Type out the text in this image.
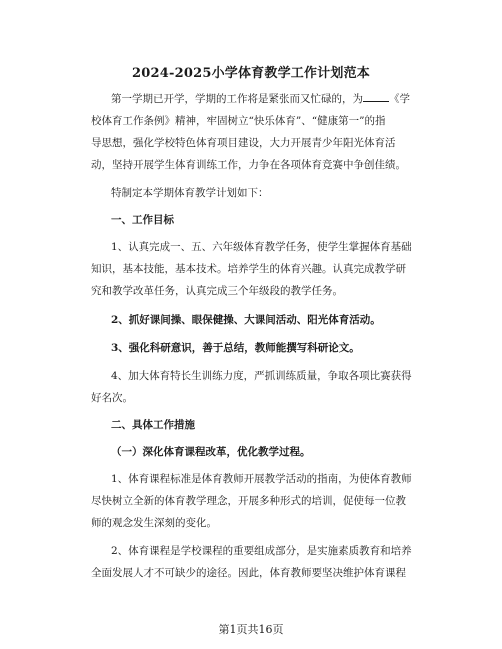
2024-2025小学体育教学工作计划范本
第一学期已开学，学期的工作将是紧张而又忙碌的，为 《学
校体育工作条例》精神，牢固树立“快乐体育”、“健康第一”的指
导思想，强化学校特色体育项目建设，大力开展青少年阳光体育活
动，坚持开展学生体育训练工作，力争在各项体育竞赛中争创佳绩。
特制定本学期体育教学计划如下：
一、工作目标
1、认真完成一、五、六年级体育教学任务，使学生掌握体育基础
知识，基本技能，基本技术。培养学生的体育兴趣。认真完成教学研
究和教学改革任务，认真完成三个年级段的教学任务。
2、抓好课间操、眼保健操、大课间活动、阳光体育活动。
3、强化科研意识，善于总结，教师能撰写科研论文。
4、加大体育特长生训练力度，严抓训练质量，争取各项比赛获得
好名次。
二、具体工作措施
（一）深化体育课程改革，优化教学过程。
1、体育课程标准是体育教师开展教学活动的指南，为使体育教师
尽快树立全新的体育教学理念，开展多种形式的培训，促使每一位教
师的观念发生深刻的变化。
2、体育课程是学校课程的重要组成部分，是实施素质教育和培养
全面发展人才不可缺少的途径。因此，体育教师要坚决维护体育课程
第1页共16页
